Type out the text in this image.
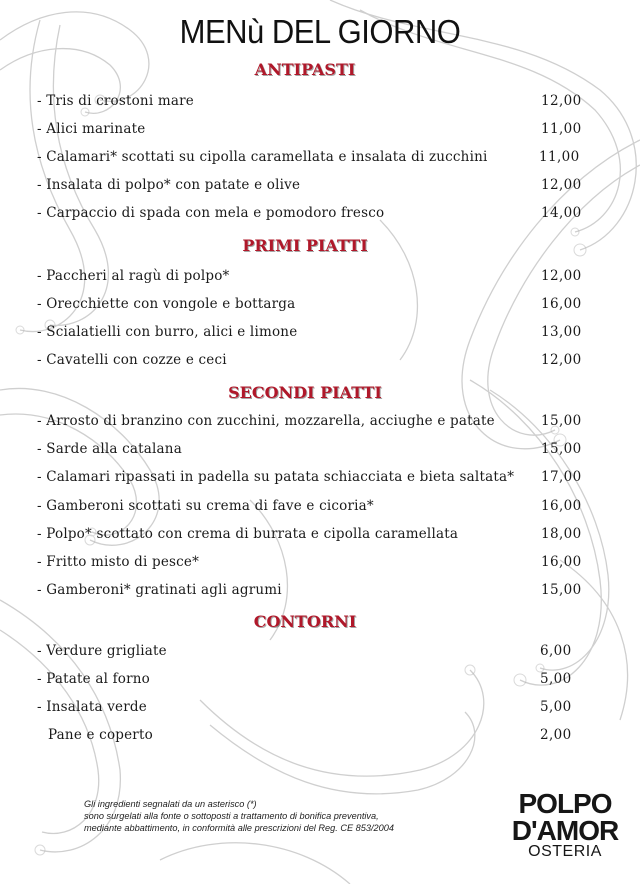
MENù DEL GIORNO
ANTIPASTI
- Tris di crostoni mare	12,00
- Alici marinate	11,00
- Calamari* scottati su cipolla caramellata e insalata di zucchini	11,00
- Insalata di polpo* con patate e olive	12,00
- Carpaccio di spada con mela e pomodoro fresco	14,00
PRIMI PIATTI
- Paccheri al ragù di polpo*	12,00
- Orecchiette con vongole e bottarga	16,00
- Scialatielli con burro, alici e limone	13,00
- Cavatelli con cozze e ceci	12,00
SECONDI PIATTI
- Arrosto di branzino con zucchini, mozzarella, acciughe e patate	15,00
- Sarde alla catalana	15,00
- Calamari ripassati in padella su patata schiacciata e bieta saltata* 17,00
- Gamberoni scottati su crema di fave e cicoria*	16,00
- Polpo* scottato con crema di burrata e cipolla caramellata	18,00
- Fritto misto di pesce*	16,00
- Gamberoni* gratinati agli agrumi	15,00
CONTORNI
- Verdure grigliate	6,00
- Patate al forno	5,00
- Insalata verde	5,00
Pane e coperto	2,00
Gli ingredienti segnalati da un asterisco (*)
sono surgelati alla fonte o sottoposti a trattamento di bonifica preventiva,
mediante abbattimento, in conformità alle prescrizioni del Reg. CE 853/2004
POLPO
D'AMOR
OSTERIA
